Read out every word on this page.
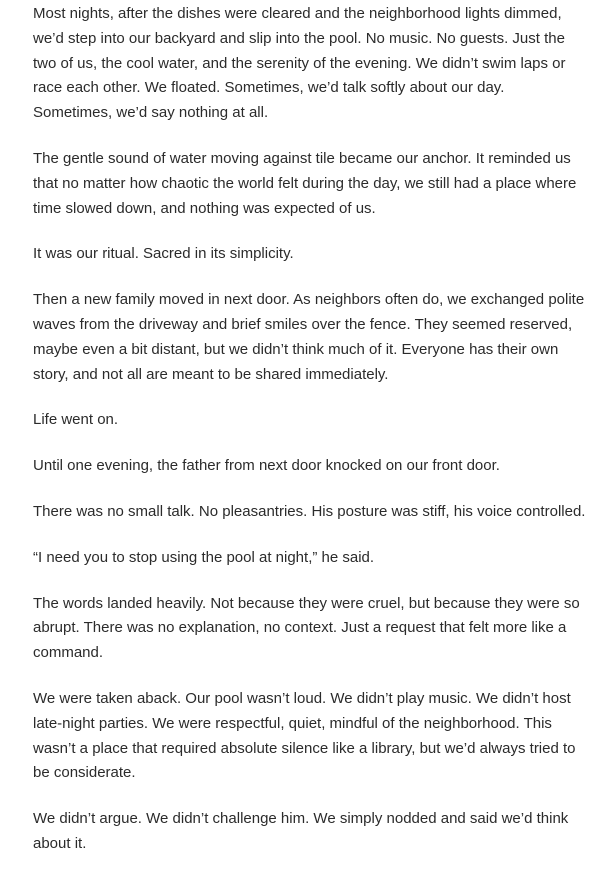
Most nights, after the dishes were cleared and the neighborhood lights dimmed, we’d step into our backyard and slip into the pool. No music. No guests. Just the two of us, the cool water, and the serenity of the evening. We didn’t swim laps or race each other. We floated. Sometimes, we’d talk softly about our day. Sometimes, we’d say nothing at all.

The gentle sound of water moving against tile became our anchor. It reminded us that no matter how chaotic the world felt during the day, we still had a place where time slowed down, and nothing was expected of us.

It was our ritual. Sacred in its simplicity.

Then a new family moved in next door. As neighbors often do, we exchanged polite waves from the driveway and brief smiles over the fence. They seemed reserved, maybe even a bit distant, but we didn’t think much of it. Everyone has their own story, and not all are meant to be shared immediately.

Life went on.

Until one evening, the father from next door knocked on our front door.

There was no small talk. No pleasantries. His posture was stiff, his voice controlled.

“I need you to stop using the pool at night,” he said.

The words landed heavily. Not because they were cruel, but because they were so abrupt. There was no explanation, no context. Just a request that felt more like a command.

We were taken aback. Our pool wasn’t loud. We didn’t play music. We didn’t host late-night parties. We were respectful, quiet, mindful of the neighborhood. This wasn’t a place that required absolute silence like a library, but we’d always tried to be considerate.

We didn’t argue. We didn’t challenge him. We simply nodded and said we’d think about it.
